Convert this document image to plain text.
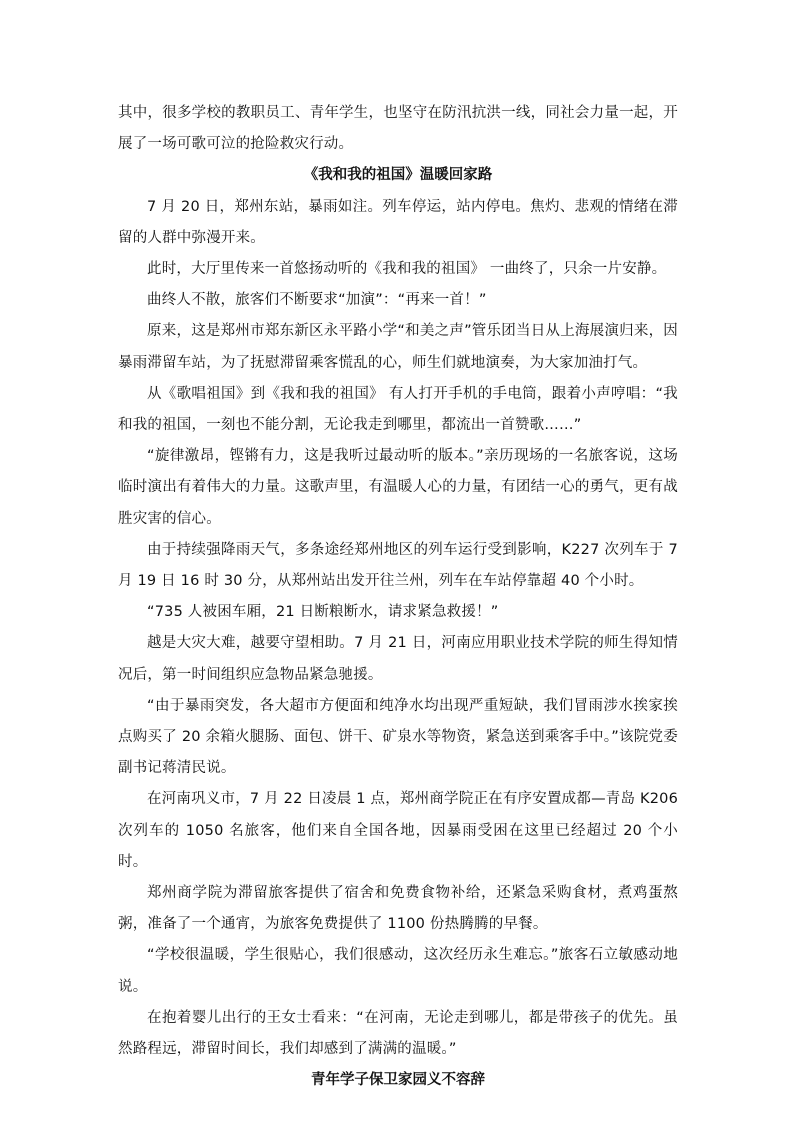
其中，很多学校的教职员工、青年学生，也坚守在防汛抗洪一线，同社会力量一起，开展了一场可歌可泣的抢险救灾行动。

《我和我的祖国》温暖回家路

7 月 20 日，郑州东站，暴雨如注。列车停运，站内停电。焦灼、悲观的情绪在滞留的人群中弥漫开来。

此时，大厅里传来一首悠扬动听的《我和我的祖国》 一曲终了，只余一片安静。

曲终人不散，旅客们不断要求“加演”：“再来一首！”

原来，这是郑州市郑东新区永平路小学“和美之声”管乐团当日从上海展演归来，因暴雨滞留车站，为了抚慰滞留乘客慌乱的心，师生们就地演奏，为大家加油打气。

从《歌唱祖国》到《我和我的祖国》 有人打开手机的手电筒，跟着小声哼唱：“我和我的祖国，一刻也不能分割，无论我走到哪里，都流出一首赞歌……”

“旋律激昂，铿锵有力，这是我听过最动听的版本。”亲历现场的一名旅客说，这场临时演出有着伟大的力量。这歌声里，有温暖人心的力量，有团结一心的勇气，更有战胜灾害的信心。

由于持续强降雨天气，多条途经郑州地区的列车运行受到影响，K227 次列车于 7 月 19 日 16 时 30 分，从郑州站出发开往兰州，列车在车站停靠超 40 个小时。

“735 人被困车厢，21 日断粮断水，请求紧急救援！”

越是大灾大难，越要守望相助。7 月 21 日，河南应用职业技术学院的师生得知情况后，第一时间组织应急物品紧急驰援。

“由于暴雨突发，各大超市方便面和纯净水均出现严重短缺，我们冒雨涉水挨家挨点购买了 20 余箱火腿肠、面包、饼干、矿泉水等物资，紧急送到乘客手中。”该院党委副书记蒋清民说。

在河南巩义市，7 月 22 日凌晨 1 点，郑州商学院正在有序安置成都—青岛 K206 次列车的 1050 名旅客，他们来自全国各地，因暴雨受困在这里已经超过 20 个小时。

郑州商学院为滞留旅客提供了宿舍和免费食物补给，还紧急采购食材，煮鸡蛋熬粥，准备了一个通宵，为旅客免费提供了 1100 份热腾腾的早餐。

“学校很温暖，学生很贴心，我们很感动，这次经历永生难忘。”旅客石立敏感动地说。

在抱着婴儿出行的王女士看来：“在河南，无论走到哪儿，都是带孩子的优先。虽然路程远，滞留时间长，我们却感到了满满的温暖。”

青年学子保卫家园义不容辞
